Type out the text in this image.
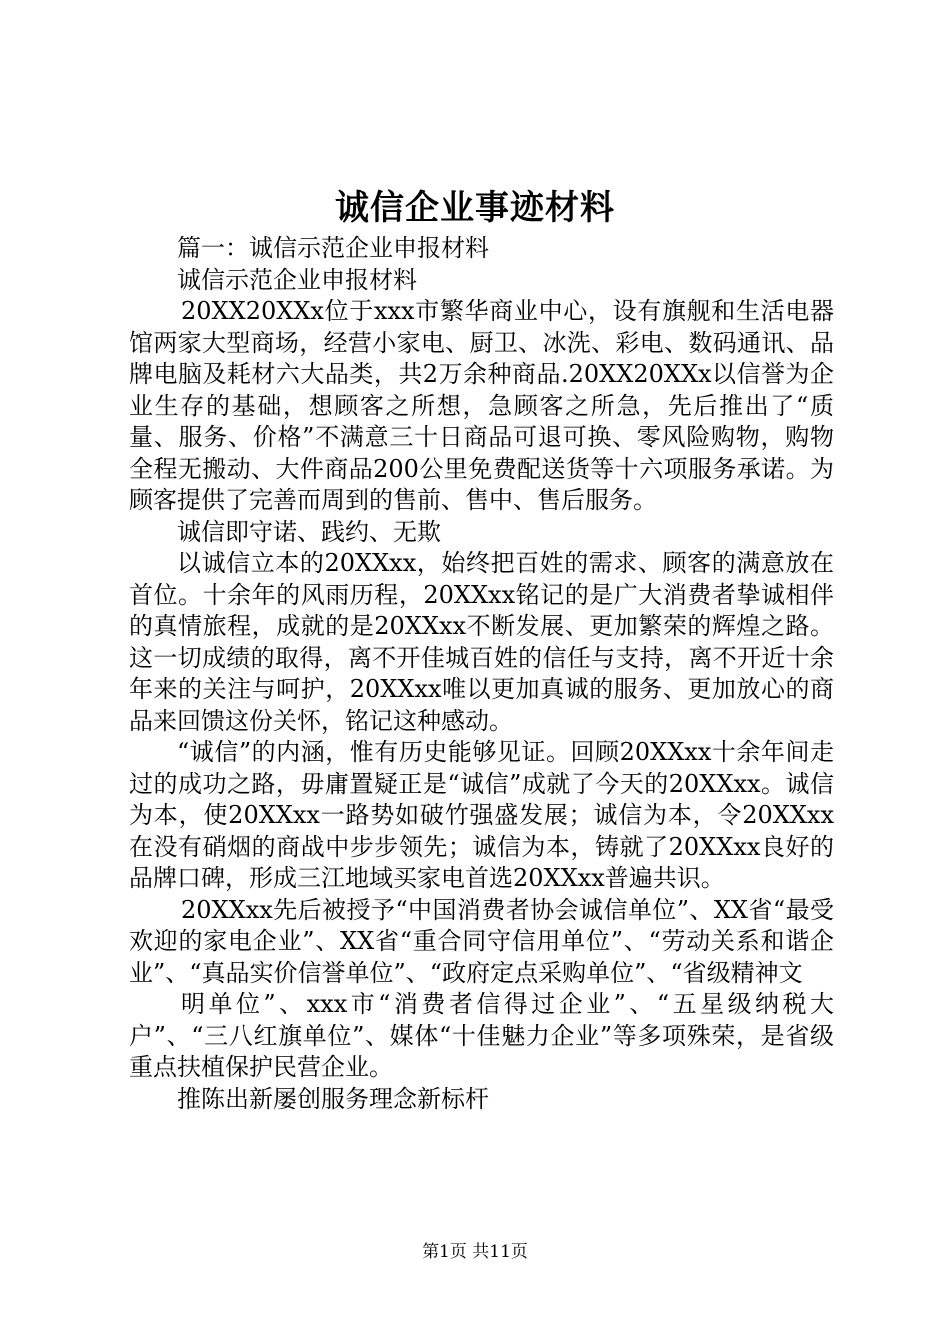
诚信企业事迹材料

篇一：诚信示范企业申报材料

诚信示范企业申报材料

20XX20XXx位于xxx市繁华商业中心，设有旗舰和生活电器馆两家大型商场，经营小家电、厨卫、冰洗、彩电、数码通讯、品牌电脑及耗材六大品类，共2万余种商品.20XX20XXx以信誉为企业生存的基础，想顾客之所想，急顾客之所急，先后推出了“质量、服务、价格”不满意三十日商品可退可换、零风险购物，购物全程无搬动、大件商品200公里免费配送货等十六项服务承诺。为顾客提供了完善而周到的售前、售中、售后服务。

诚信即守诺、践约、无欺

以诚信立本的20XXxx，始终把百姓的需求、顾客的满意放在首位。十余年的风雨历程，20XXxx铭记的是广大消费者挚诚相伴的真情旅程，成就的是20XXxx不断发展、更加繁荣的辉煌之路。这一切成绩的取得，离不开佳城百姓的信任与支持，离不开近十余年来的关注与呵护，20XXxx唯以更加真诚的服务、更加放心的商品来回馈这份关怀，铭记这种感动。

“诚信”的内涵，惟有历史能够见证。回顾20XXxx十余年间走过的成功之路，毋庸置疑正是“诚信”成就了今天的20XXxx。诚信为本，使20XXxx一路势如破竹强盛发展；诚信为本，令20XXxx在没有硝烟的商战中步步领先；诚信为本，铸就了20XXxx良好的品牌口碑，形成三江地域买家电首选20XXxx普遍共识。

20XXxx先后被授予“中国消费者协会诚信单位”、XX省“最受欢迎的家电企业”、XX省“重合同守信用单位”、“劳动关系和谐企业”、“真品实价信誉单位”、“政府定点采购单位”、“省级精神文

明单位”、xxx市“消费者信得过企业”、“五星级纳税大户”、“三八红旗单位”、媒体“十佳魅力企业”等多项殊荣，是省级重点扶植保护民营企业。

推陈出新屡创服务理念新标杆

第1页 共11页
